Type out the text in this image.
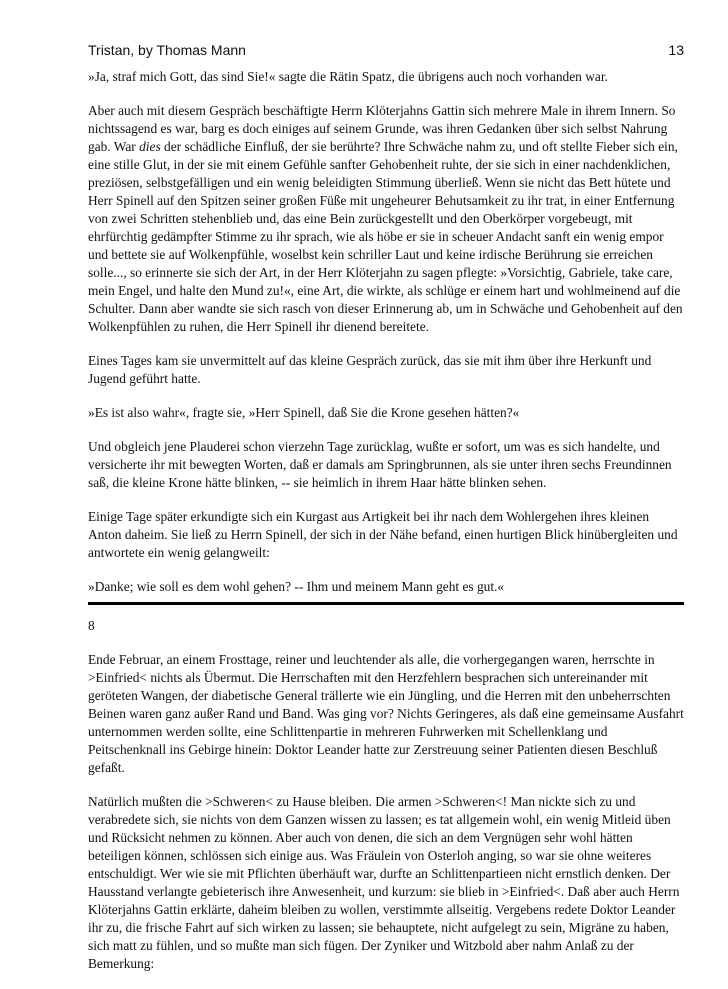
Tristan, by Thomas Mann	13

»Ja, straf mich Gott, das sind Sie!« sagte die Rätin Spatz, die übrigens auch noch vorhanden war.

Aber auch mit diesem Gespräch beschäftigte Herrn Klöterjahns Gattin sich mehrere Male in ihrem Innern. So nichtssagend es war, barg es doch einiges auf seinem Grunde, was ihren Gedanken über sich selbst Nahrung gab. War dies der schädliche Einfluß, der sie berührte? Ihre Schwäche nahm zu, und oft stellte Fieber sich ein, eine stille Glut, in der sie mit einem Gefühle sanfter Gehobenheit ruhte, der sie sich in einer nachdenklichen, preziösen, selbstgefälligen und ein wenig beleidigten Stimmung überließ. Wenn sie nicht das Bett hütete und Herr Spinell auf den Spitzen seiner großen Füße mit ungeheurer Behutsamkeit zu ihr trat, in einer Entfernung von zwei Schritten stehenblieb und, das eine Bein zurückgestellt und den Oberkörper vorgebeugt, mit ehrfürchtig gedämpfter Stimme zu ihr sprach, wie als höbe er sie in scheuer Andacht sanft ein wenig empor und bettete sie auf Wolkenpfühle, woselbst kein schriller Laut und keine irdische Berührung sie erreichen solle..., so erinnerte sie sich der Art, in der Herr Klöterjahn zu sagen pflegte: »Vorsichtig, Gabriele, take care, mein Engel, und halte den Mund zu!«, eine Art, die wirkte, als schlüge er einem hart und wohlmeinend auf die Schulter. Dann aber wandte sie sich rasch von dieser Erinnerung ab, um in Schwäche und Gehobenheit auf den Wolkenpfühlen zu ruhen, die Herr Spinell ihr dienend bereitete.

Eines Tages kam sie unvermittelt auf das kleine Gespräch zurück, das sie mit ihm über ihre Herkunft und Jugend geführt hatte.

»Es ist also wahr«, fragte sie, »Herr Spinell, daß Sie die Krone gesehen hätten?«

Und obgleich jene Plauderei schon vierzehn Tage zurücklag, wußte er sofort, um was es sich handelte, und versicherte ihr mit bewegten Worten, daß er damals am Springbrunnen, als sie unter ihren sechs Freundinnen saß, die kleine Krone hätte blinken, -- sie heimlich in ihrem Haar hätte blinken sehen.

Einige Tage später erkundigte sich ein Kurgast aus Artigkeit bei ihr nach dem Wohlergehen ihres kleinen Anton daheim. Sie ließ zu Herrn Spinell, der sich in der Nähe befand, einen hurtigen Blick hinübergleiten und antwortete ein wenig gelangweilt:

»Danke; wie soll es dem wohl gehen? -- Ihm und meinem Mann geht es gut.«

8

Ende Februar, an einem Frosttage, reiner und leuchtender als alle, die vorhergegangen waren, herrschte in >Einfried< nichts als Übermut. Die Herrschaften mit den Herzfehlern besprachen sich untereinander mit geröteten Wangen, der diabetische General trällerte wie ein Jüngling, und die Herren mit den unbeherrschten Beinen waren ganz außer Rand und Band. Was ging vor? Nichts Geringeres, als daß eine gemeinsame Ausfahrt unternommen werden sollte, eine Schlittenpartie in mehreren Fuhrwerken mit Schellenklang und Peitschenknall ins Gebirge hinein: Doktor Leander hatte zur Zerstreuung seiner Patienten diesen Beschluß gefaßt.

Natürlich mußten die >Schweren< zu Hause bleiben. Die armen >Schweren<! Man nickte sich zu und verabredete sich, sie nichts von dem Ganzen wissen zu lassen; es tat allgemein wohl, ein wenig Mitleid üben und Rücksicht nehmen zu können. Aber auch von denen, die sich an dem Vergnügen sehr wohl hätten beteiligen können, schlössen sich einige aus. Was Fräulein von Osterloh anging, so war sie ohne weiteres entschuldigt. Wer wie sie mit Pflichten überhäuft war, durfte an Schlittenpartieen nicht ernstlich denken. Der Hausstand verlangte gebieterisch ihre Anwesenheit, und kurzum: sie blieb in >Einfried<. Daß aber auch Herrn Klöterjahns Gattin erklärte, daheim bleiben zu wollen, verstimmte allseitig. Vergebens redete Doktor Leander ihr zu, die frische Fahrt auf sich wirken zu lassen; sie behauptete, nicht aufgelegt zu sein, Migräne zu haben, sich matt zu fühlen, und so mußte man sich fügen. Der Zyniker und Witzbold aber nahm Anlaß zu der Bemerkung:
